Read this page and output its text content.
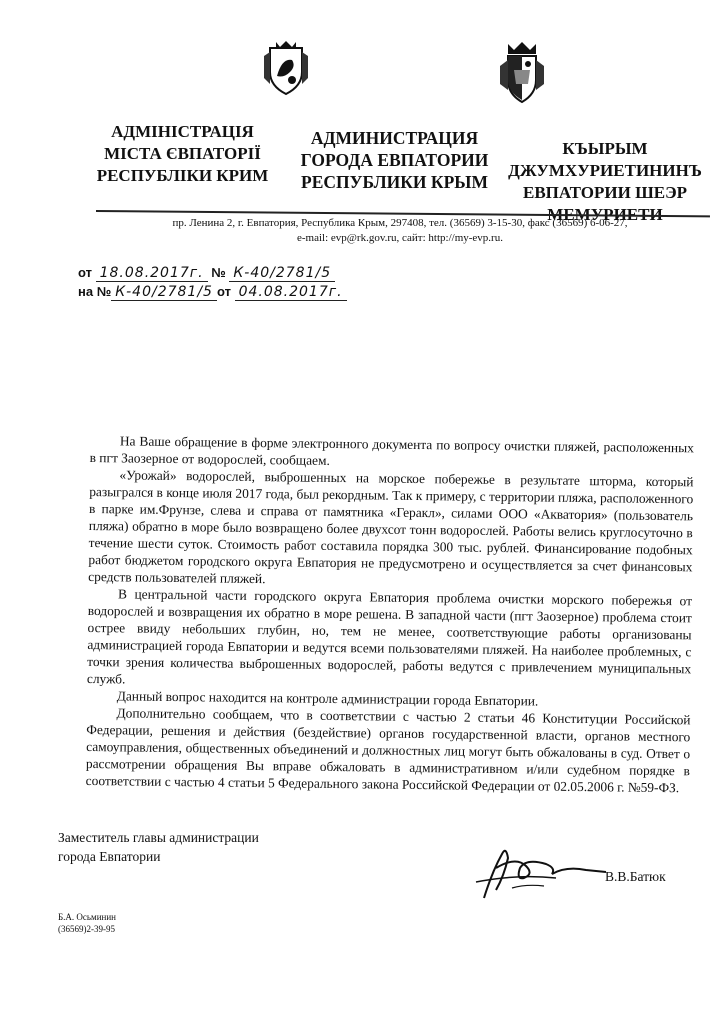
АДМІНІСТРАЦІЯ
МІСТА ЄВПАТОРІЇ
РЕСПУБЛІКИ КРИМ
АДМИНИСТРАЦИЯ
ГОРОДА ЕВПАТОРИИ
РЕСПУБЛИКИ КРЫМ
КЪЫРЫМ
ДЖУМХУРИЕТИНИНЪ
ЕВПАТОРИИ ШЕЭР
МЕМУРИЕТИ
пр. Ленина 2, г. Евпатория, Республика Крым, 297408, тел. (36569) 3-15-30, факс (36569) 6-06-27,
e-mail: evp@rk.gov.ru, сайт: http://my-evp.ru.
от 18.08.2017г. № К-40/2781/5
на № К-40/2781/5 от 04.08.2017г.

На Ваше обращение в форме электронного документа по вопросу очистки пляжей, расположенных в пгт Заозерное от водорослей, сообщаем.

«Урожай» водорослей, выброшенных на морское побережье в результате шторма, который разыгрался в конце июля 2017 года, был рекордным. Так к примеру, с территории пляжа, расположенного в парке им.Фрунзе, слева и справа от памятника «Геракл», силами ООО «Акватория» (пользователь пляжа) обратно в море было возвращено более двухсот тонн водорослей. Работы велись круглосуточно в течение шести суток. Стоимость работ составила порядка 300 тыс. рублей. Финансирование подобных работ бюджетом городского округа Евпатория не предусмотрено и осуществляется за счет финансовых средств пользователей пляжей.

В центральной части городского округа Евпатория проблема очистки морского побережья от водорослей и возвращения их обратно в море решена. В западной части (пгт Заозерное) проблема стоит острее ввиду небольших глубин, но, тем не менее, соответствующие работы организованы администрацией города Евпатории и ведутся всеми пользователями пляжей. На наиболее проблемных, с точки зрения количества выброшенных водорослей, работы ведутся с привлечением муниципальных служб.

Данный вопрос находится на контроле администрации города Евпатории.

Дополнительно сообщаем, что в соответствии с частью 2 статьи 46 Конституции Российской Федерации, решения и действия (бездействие) органов государственной власти, органов местного самоуправления, общественных объединений и должностных лиц могут быть обжалованы в суд. Ответ о рассмотрении обращения Вы вправе обжаловать в административном и/или судебном порядке в соответствии с частью 4 статьи 5 Федерального закона Российской Федерации от 02.05.2006 г. №59-ФЗ.

Заместитель главы администрации
города Евпатории
В.В.Батюк
Б.А. Осьминин
(36569)2-39-95
